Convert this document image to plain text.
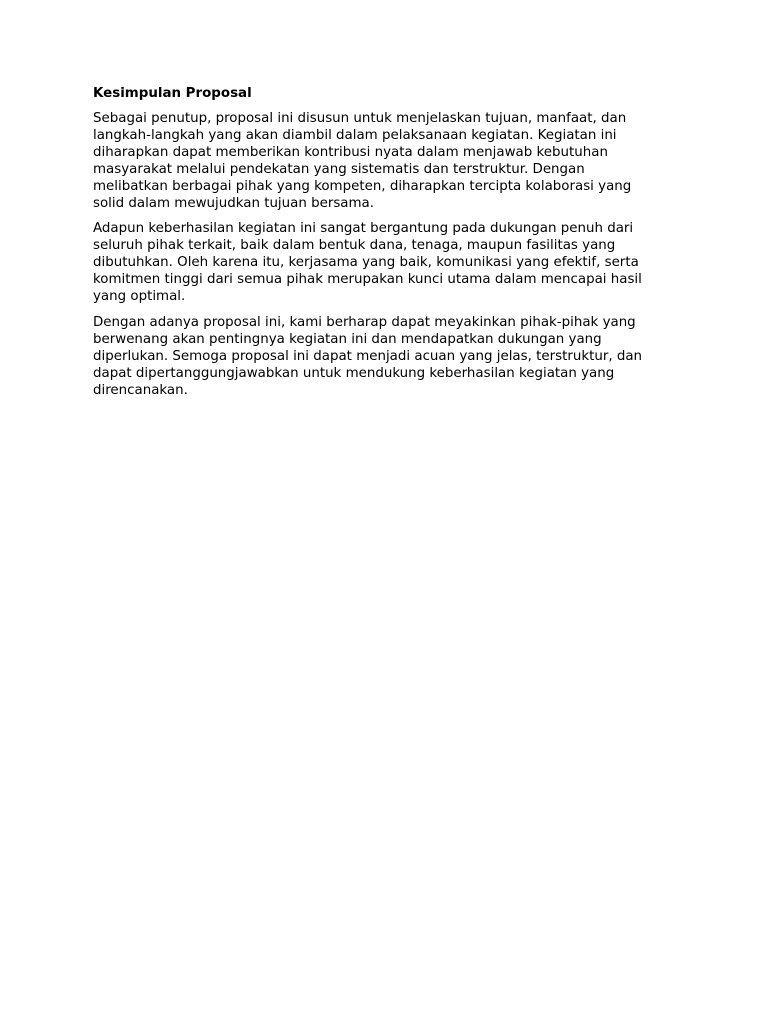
Kesimpulan Proposal
Sebagai penutup, proposal ini disusun untuk menjelaskan tujuan, manfaat, dan
langkah-langkah yang akan diambil dalam pelaksanaan kegiatan. Kegiatan ini
diharapkan dapat memberikan kontribusi nyata dalam menjawab kebutuhan
masyarakat melalui pendekatan yang sistematis dan terstruktur. Dengan
melibatkan berbagai pihak yang kompeten, diharapkan tercipta kolaborasi yang
solid dalam mewujudkan tujuan bersama.
Adapun keberhasilan kegiatan ini sangat bergantung pada dukungan penuh dari
seluruh pihak terkait, baik dalam bentuk dana, tenaga, maupun fasilitas yang
dibutuhkan. Oleh karena itu, kerjasama yang baik, komunikasi yang efektif, serta
komitmen tinggi dari semua pihak merupakan kunci utama dalam mencapai hasil
yang optimal.
Dengan adanya proposal ini, kami berharap dapat meyakinkan pihak-pihak yang
berwenang akan pentingnya kegiatan ini dan mendapatkan dukungan yang
diperlukan. Semoga proposal ini dapat menjadi acuan yang jelas, terstruktur, dan
dapat dipertanggungjawabkan untuk mendukung keberhasilan kegiatan yang
direncanakan.
